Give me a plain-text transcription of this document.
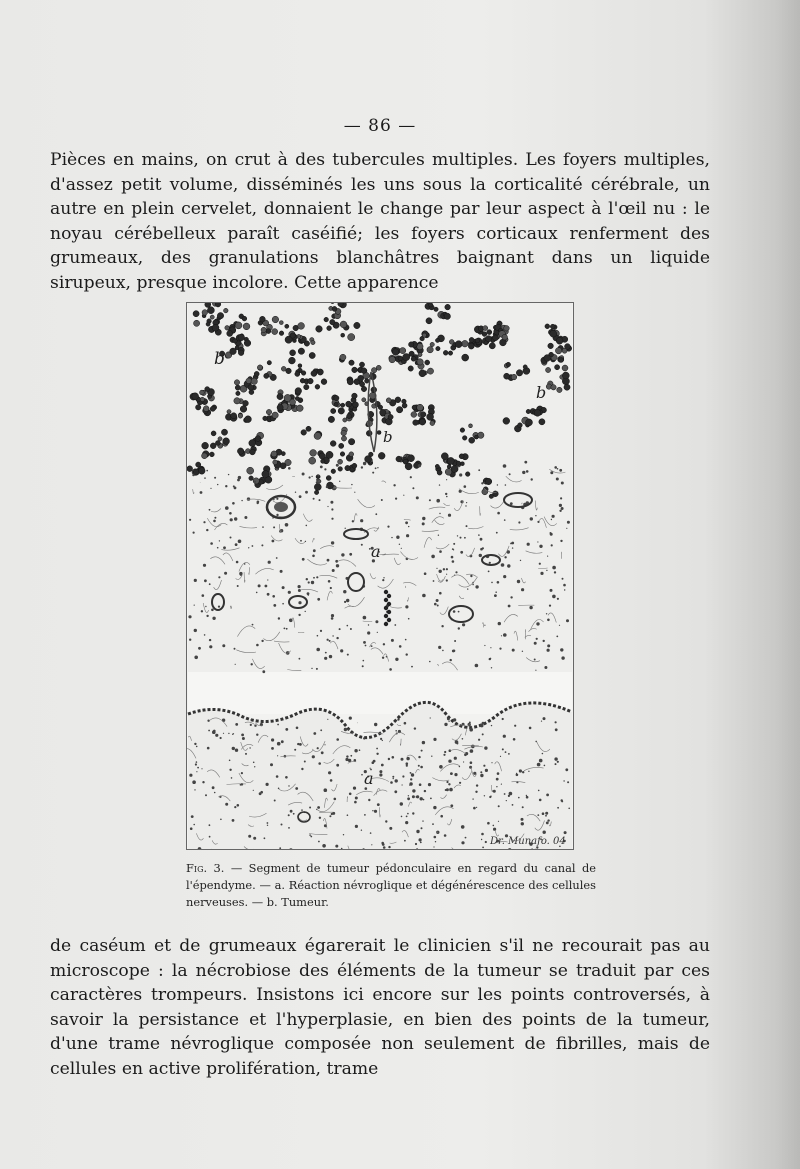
— 86 —

Pièces en mains, on crut à des tubercules multiples. Les foyers multiples, d'assez petit volume, disséminés les uns sous la corticalité cérébrale, un autre en plein cervelet, donnaient le change par leur aspect à l'œil nu : le noyau cérébelleux paraît caséifié; les foyers corticaux renferment des grumeaux, des granulations blanchâtres baignant dans un liquide sirupeux, presque incolore. Cette apparence

b
b
b
a
a
Dr. Munafo. 04

Fig. 3. — Segment de tumeur pédonculaire en regard du canal de l'épendyme. — a. Réaction névroglique et dégénérescence des cellules nerveuses. — b. Tumeur.

de caséum et de grumeaux égarerait le clinicien s'il ne recourait pas au microscope : la nécrobiose des éléments de la tumeur se traduit par ces caractères trompeurs. Insistons ici encore sur les points controversés, à savoir la persistance et l'hyperplasie, en bien des points de la tumeur, d'une trame névroglique composée non seulement de fibrilles, mais de cellules en active prolifération, trame
